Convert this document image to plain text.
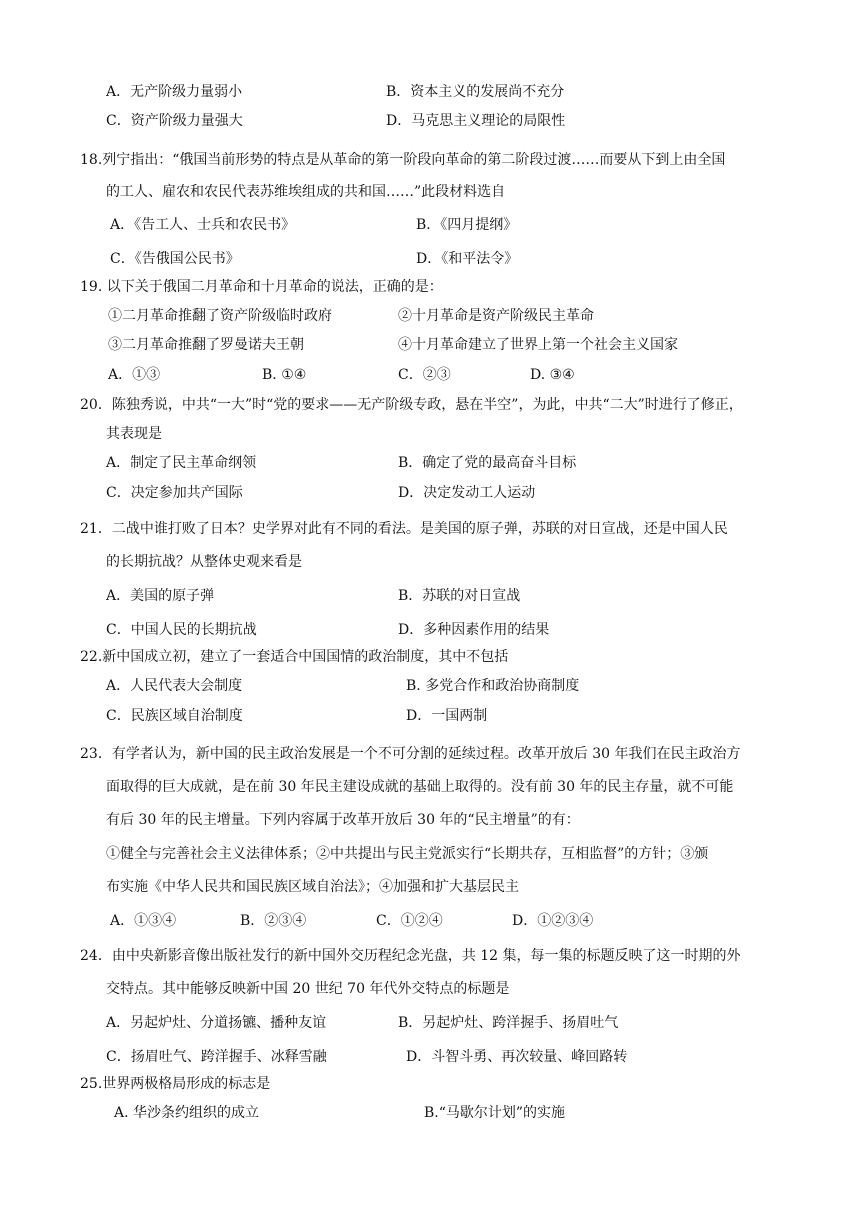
A．无产阶级力量弱小	B．资本主义的发展尚不充分
C．资产阶级力量强大	D．马克思主义理论的局限性
18.列宁指出：“俄国当前形势的特点是从革命的第一阶段向革命的第二阶段过渡……而要从下到上由全国
的工人、雇农和农民代表苏维埃组成的共和国……”此段材料选自
A．《告工人、士兵和农民书》	B．《四月提纲》
C．《告俄国公民书》	D．《和平法令》
19. 以下关于俄国二月革命和十月革命的说法，正确的是：
①二月革命推翻了资产阶级临时政府	②十月革命是资产阶级民主革命
③二月革命推翻了罗曼诺夫王朝	④十月革命建立了世界上第一个社会主义国家
A．①③	B. ①④	C．②③	D. ③④
20．陈独秀说，中共“一大”时“党的要求——无产阶级专政，悬在半空”，为此，中共“二大”时进行了修正，
其表现是
A．制定了民主革命纲领	B．确定了党的最高奋斗目标
C．决定参加共产国际	D．决定发动工人运动
21．二战中谁打败了日本？史学界对此有不同的看法。是美国的原子弹，苏联的对日宣战，还是中国人民
的长期抗战？从整体史观来看是
A．美国的原子弹	B．苏联的对日宣战
C．中国人民的长期抗战	D．多种因素作用的结果
22.新中国成立初，建立了一套适合中国国情的政治制度，其中不包括
A．人民代表大会制度	B. 多党合作和政治协商制度
C．民族区域自治制度	D．一国两制
23．有学者认为，新中国的民主政治发展是一个不可分割的延续过程。改革开放后 30 年我们在民主政治方
面取得的巨大成就，是在前 30 年民主建设成就的基础上取得的。没有前 30 年的民主存量，就不可能
有后 30 年的民主增量。下列内容属于改革开放后 30 年的“民主增量”的有：
①健全与完善社会主义法律体系；②中共提出与民主党派实行“长期共存，互相监督”的方针；③颁
布实施《中华人民共和国民族区域自治法》；④加强和扩大基层民主
A．①③④	B．②③④	C．①②④	D．①②③④
24．由中央新影音像出版社发行的新中国外交历程纪念光盘，共 12 集，每一集的标题反映了这一时期的外
交特点。其中能够反映新中国 20 世纪 70 年代外交特点的标题是
A．另起炉灶、分道扬镳、播种友谊	B．另起炉灶、跨洋握手、扬眉吐气
C．扬眉吐气、跨洋握手、冰释雪融	D．斗智斗勇、再次较量、峰回路转
25.世界两极格局形成的标志是
A. 华沙条约组织的成立	B.“马歇尔计划”的实施
